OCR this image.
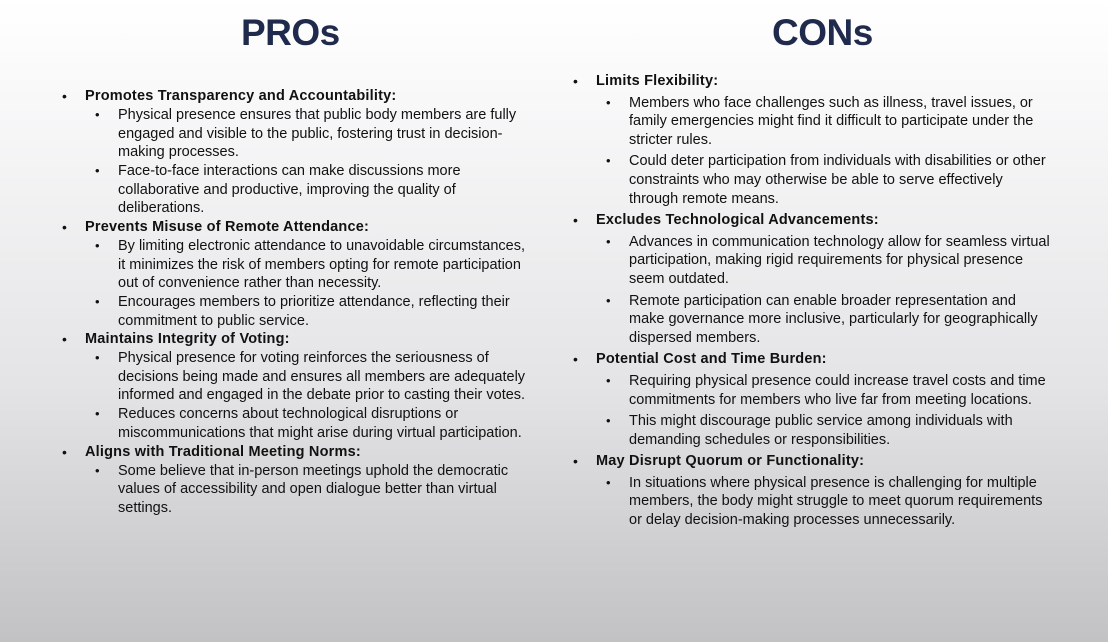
PROs	CONs
• Promotes Transparency and Accountability:
• Physical presence ensures that public body members are fully engaged and visible to the public, fostering trust in decision-making processes.
• Face-to-face interactions can make discussions more collaborative and productive, improving the quality of deliberations.
• Prevents Misuse of Remote Attendance:
• By limiting electronic attendance to unavoidable circumstances, it minimizes the risk of members opting for remote participation out of convenience rather than necessity.
• Encourages members to prioritize attendance, reflecting their commitment to public service.
• Maintains Integrity of Voting:
• Physical presence for voting reinforces the seriousness of decisions being made and ensures all members are adequately informed and engaged in the debate prior to casting their votes.
• Reduces concerns about technological disruptions or miscommunications that might arise during virtual participation.
• Aligns with Traditional Meeting Norms:
• Some believe that in-person meetings uphold the democratic values of accessibility and open dialogue better than virtual settings.
• Limits Flexibility:
• Members who face challenges such as illness, travel issues, or family emergencies might find it difficult to participate under the stricter rules.
• Could deter participation from individuals with disabilities or other constraints who may otherwise be able to serve effectively through remote means.
• Excludes Technological Advancements:
• Advances in communication technology allow for seamless virtual participation, making rigid requirements for physical presence seem outdated.
• Remote participation can enable broader representation and make governance more inclusive, particularly for geographically dispersed members.
• Potential Cost and Time Burden:
• Requiring physical presence could increase travel costs and time commitments for members who live far from meeting locations.
• This might discourage public service among individuals with demanding schedules or responsibilities.
• May Disrupt Quorum or Functionality:
• In situations where physical presence is challenging for multiple members, the body might struggle to meet quorum requirements or delay decision-making processes unnecessarily.
